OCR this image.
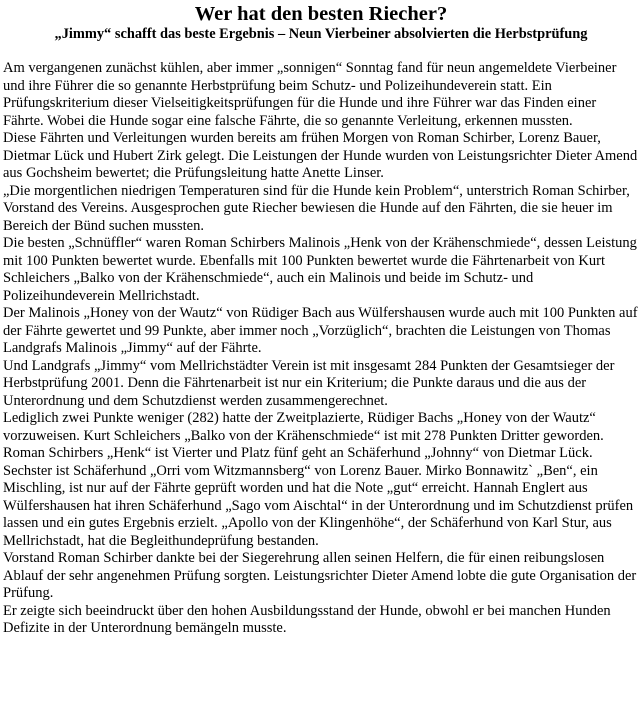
Wer hat den besten Riecher?
„Jimmy“ schafft das beste Ergebnis – Neun Vierbeiner absolvierten die Herbstprüfung

Am vergangenen zunächst kühlen, aber immer „sonnigen“ Sonntag fand für neun angemeldete Vierbeiner und ihre Führer die so genannte Herbstprüfung beim Schutz- und Polizeihundeverein statt. Ein Prüfungskriterium dieser Vielseitigkeitsprüfungen für die Hunde und ihre Führer war das Finden einer Fährte. Wobei die Hunde sogar eine falsche Fährte, die so genannte Verleitung, erkennen mussten.

Diese Fährten und Verleitungen wurden bereits am frühen Morgen von Roman Schirber, Lorenz Bauer, Dietmar Lück und Hubert Zirk gelegt. Die Leistungen der Hunde wurden von Leistungsrichter Dieter Amend aus Gochsheim bewertet; die Prüfungsleitung hatte Anette Linser.

„Die morgentlichen niedrigen Temperaturen sind für die Hunde kein Problem“, unterstrich Roman Schirber, Vorstand des Vereins. Ausgesprochen gute Riecher bewiesen die Hunde auf den Fährten, die sie heuer im Bereich der Bünd suchen mussten.

Die besten „Schnüffler“ waren Roman Schirbers Malinois „Henk von der Krähenschmiede“, dessen Leistung mit 100 Punkten bewertet wurde. Ebenfalls mit 100 Punkten bewertet wurde die Fährtenarbeit von Kurt Schleichers „Balko von der Krähenschmiede“, auch ein Malinois und beide im Schutz- und Polizeihundeverein Mellrichstadt.

Der Malinois „Honey von der Wautz“ von Rüdiger Bach aus Wülfershausen wurde auch mit 100 Punkten auf der Fährte gewertet und 99 Punkte, aber immer noch „Vorzüglich“, brachten die Leistungen von Thomas Landgrafs Malinois „Jimmy“ auf der Fährte.

Und Landgrafs „Jimmy“ vom Mellrichstädter Verein ist mit insgesamt 284 Punkten der Gesamtsieger der Herbstprüfung 2001. Denn die Fährtenarbeit ist nur ein Kriterium; die Punkte daraus und die aus der Unterordnung und dem Schutzdienst werden zusammengerechnet.

Lediglich zwei Punkte weniger (282) hatte der Zweitplazierte, Rüdiger Bachs „Honey von der Wautz“ vorzuweisen. Kurt Schleichers „Balko von der Krähenschmiede“ ist mit 278 Punkten Dritter geworden. Roman Schirbers „Henk“ ist Vierter und Platz fünf geht an Schäferhund „Johnny“ von Dietmar Lück. Sechster ist Schäferhund „Orri vom Witzmannsberg“ von Lorenz Bauer. Mirko Bonnawitz` „Ben“, ein Mischling, ist nur auf der Fährte geprüft worden und hat die Note „gut“ erreicht. Hannah Englert aus Wülfershausen hat ihren Schäferhund „Sago vom Aischtal“ in der Unterordnung und im Schutzdienst prüfen lassen und ein gutes Ergebnis erzielt. „Apollo von der Klingenhöhe“, der Schäferhund von Karl Stur, aus Mellrichstadt, hat die Begleithundeprüfung bestanden.

Vorstand Roman Schirber dankte bei der Siegerehrung allen seinen Helfern, die für einen reibungslosen Ablauf der sehr angenehmen Prüfung sorgten. Leistungsrichter Dieter Amend lobte die gute Organisation der Prüfung.

Er zeigte sich beeindruckt über den hohen Ausbildungsstand der Hunde, obwohl er bei manchen Hunden Defizite in der Unterordnung bemängeln musste.
